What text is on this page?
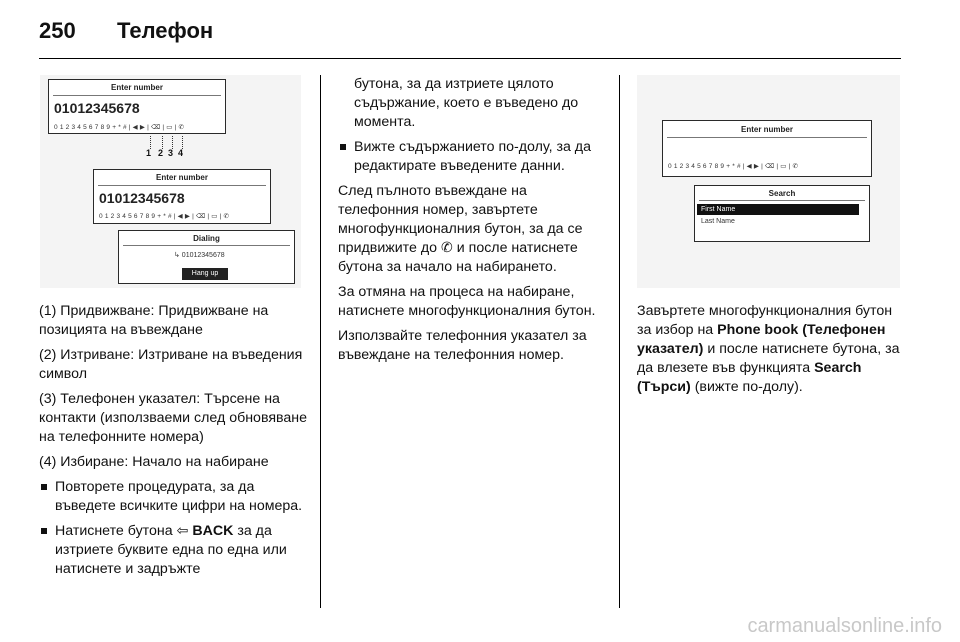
250 Телефон
Enter number
01012345678
0 1 2 3 4 5 6 7 8 9 + * # | ◀ ▶ | ⌫ | ▭ | ✆
1 2 3 4
Enter number
01012345678
0 1 2 3 4 5 6 7 8 9 + * # | ◀ ▶ | ⌫ | ▭ | ✆
Dialing
↳ 01012345678
Hang up
Enter number
0 1 2 3 4 5 6 7 8 9 + * # | ◀ ▶ | ⌫ | ▭ | ✆
Search
First Name
Last Name

(1) Придвижване: Придвижване на позицията на въвеждане

(2) Изтриване: Изтриване на въведения символ

(3) Телефонен указател: Търсене на контакти (използваеми след обновяване на телефонните номера)

(4) Избиране: Начало на набиране

Повторете процедурата, за да въведете всичките цифри на номера.
Натиснете бутона ⇦ BACK за да изтриете буквите една по една или натиснете и задръжте
бутона, за да изтриете цялото съдържание, което е въведено до момента.
Вижте съдържанието по-долу, за да редактирате въведените данни.

След пълното въвеждане на телефонния номер, завъртете многофункционалния бутон, за да се придвижите до ✆ и после натиснете бутона за начало на набирането.

За отмяна на процеса на набиране, натиснете многофункционалния бутон.

Използвайте телефонния указател за въвеждане на телефонния номер.

Завъртете многофункционалния бутон за избор на Phone book (Телефонен указател) и после натиснете бутона, за да влезете във функцията Search (Търси) (вижте по-долу).

carmanualsonline.info
